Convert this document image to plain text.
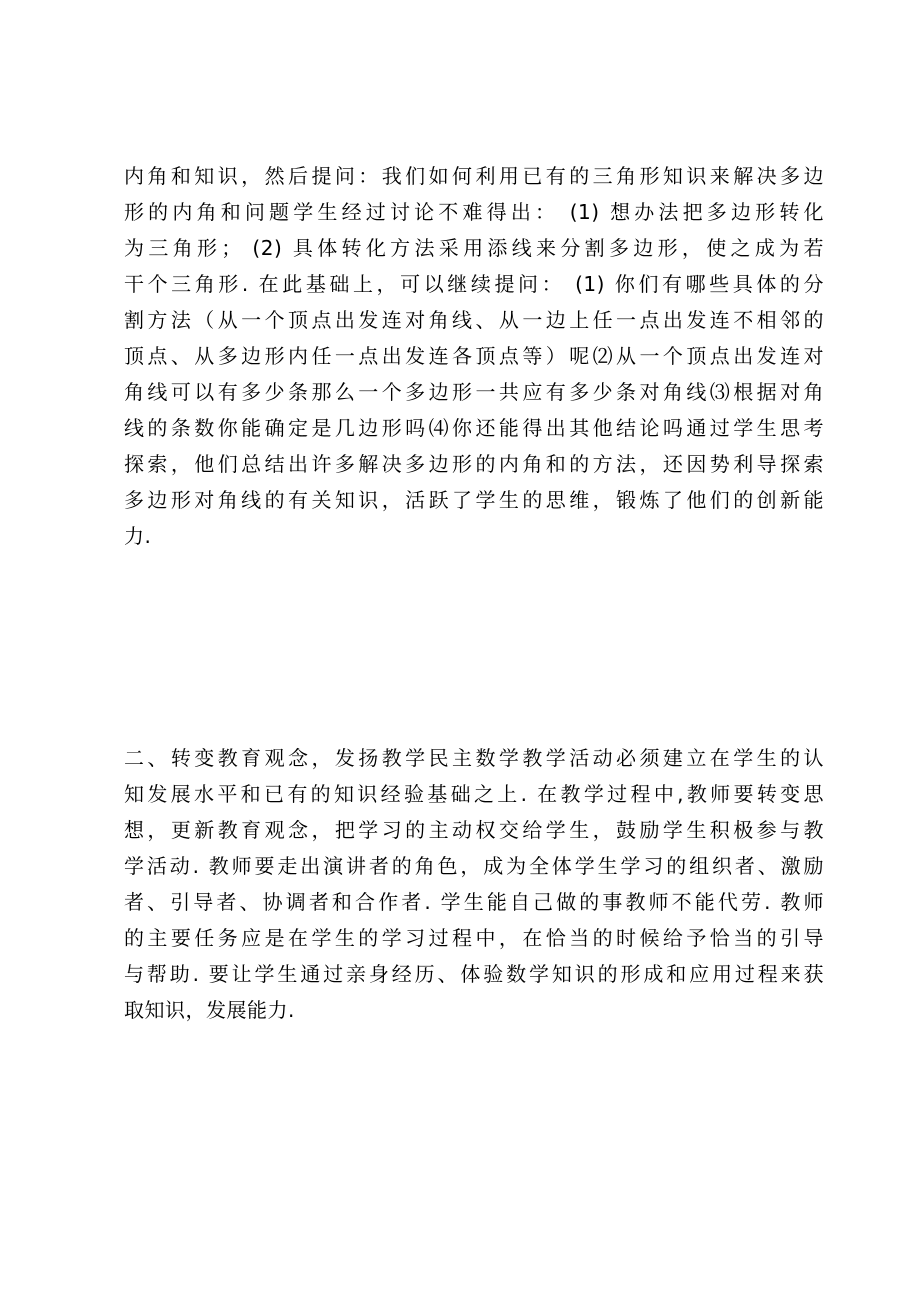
内角和知识，然后提问：我们如何利用已有的三角形知识来解决多边
形的内角和问题学生经过讨论不难得出： (1) 想办法把多边形转化
为三角形； (2) 具体转化方法采用添线来分割多边形，使之成为若
干个三角形. 在此基础上，可以继续提问： (1) 你们有哪些具体的分
割方法（从一个顶点出发连对角线、从一边上任一点出发连不相邻的
顶点、从多边形内任一点出发连各顶点等）呢⑵从一个顶点出发连对
角线可以有多少条那么一个多边形一共应有多少条对角线⑶根据对角
线的条数你能确定是几边形吗⑷你还能得出其他结论吗通过学生思考
探索，他们总结出许多解决多边形的内角和的方法，还因势利导探索
多边形对角线的有关知识，活跃了学生的思维，锻炼了他们的创新能
力.
二、转变教育观念，发扬教学民主数学教学活动必须建立在学生的认
知发展水平和已有的知识经验基础之上. 在教学过程中,教师要转变思
想，更新教育观念，把学习的主动权交给学生，鼓励学生积极参与教
学活动. 教师要走出演讲者的角色，成为全体学生学习的组织者、激励
者、引导者、协调者和合作者. 学生能自己做的事教师不能代劳. 教师
的主要任务应是在学生的学习过程中，在恰当的时候给予恰当的引导
与帮助. 要让学生通过亲身经历、体验数学知识的形成和应用过程来获
取知识，发展能力.
